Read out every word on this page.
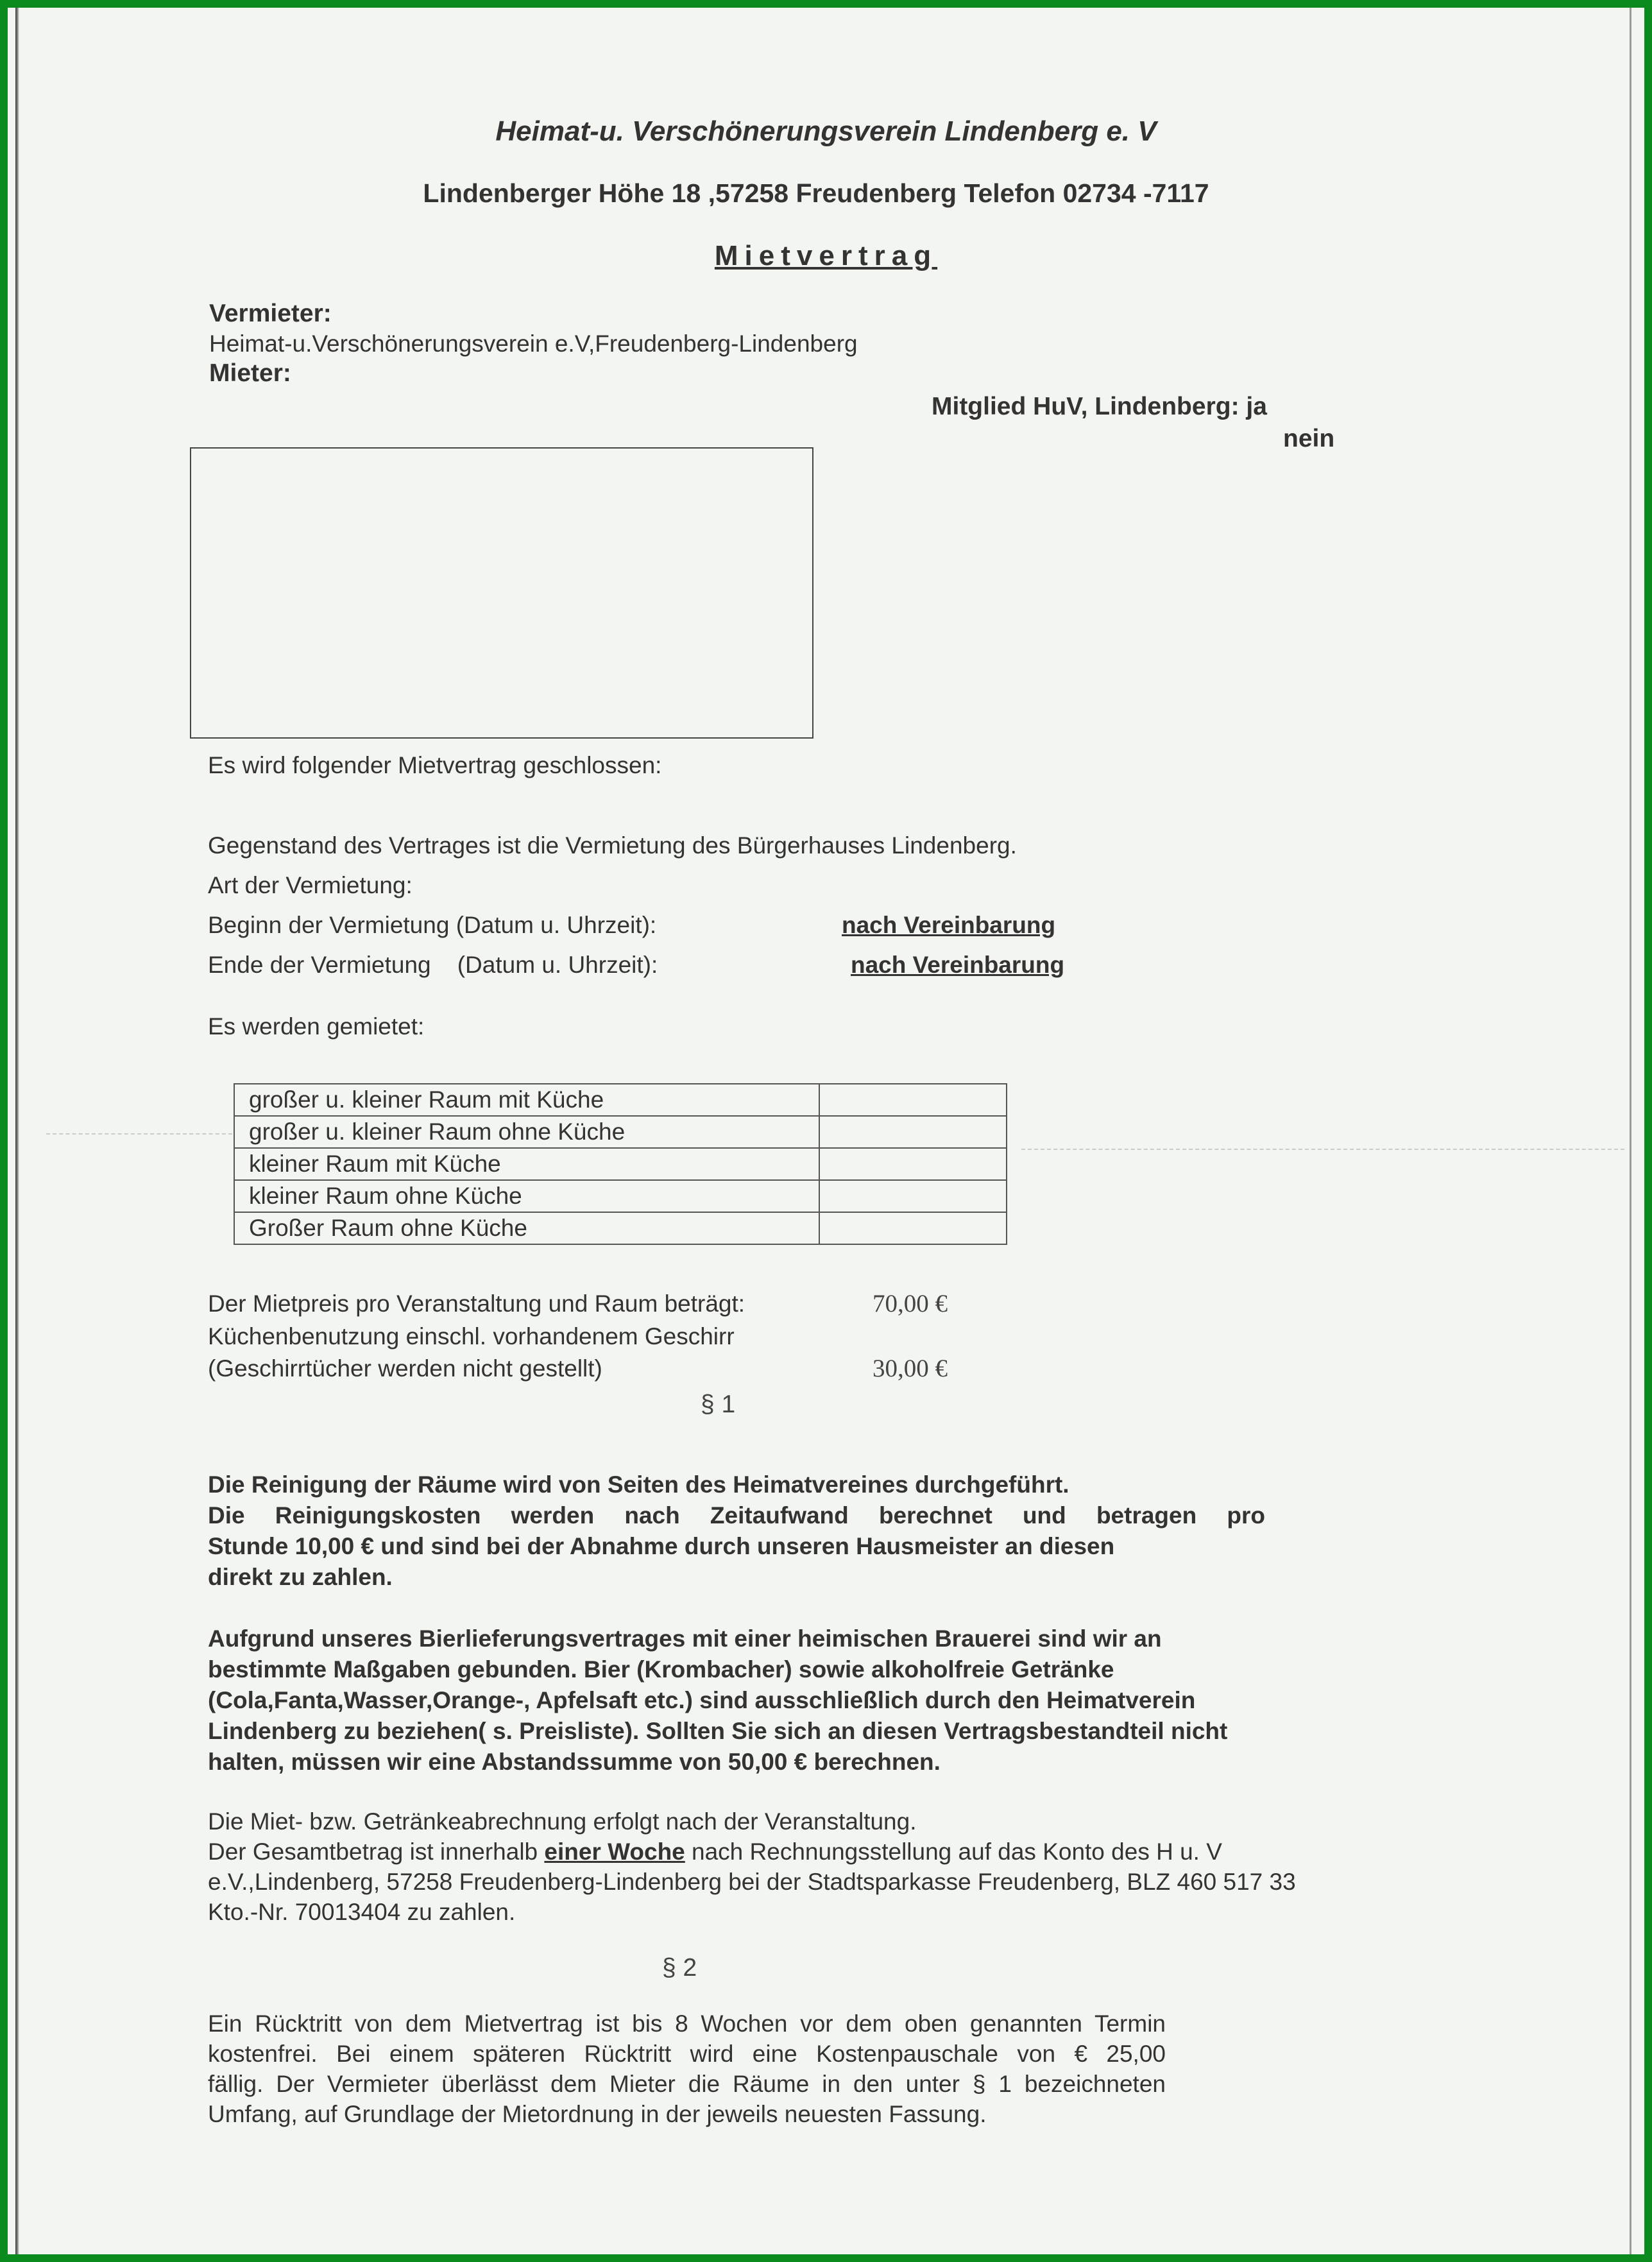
Heimat-u. Verschönerungsverein Lindenberg e. V
Lindenberger Höhe 18 ,57258 Freudenberg Telefon 02734 -7117
Mietvertrag
Vermieter:
Heimat-u.Verschönerungsverein e.V,Freudenberg-Lindenberg
Mieter:
Mitglied HuV, Lindenberg: ja
nein
Es wird folgender Mietvertrag geschlossen:
Gegenstand des Vertrages ist die Vermietung des Bürgerhauses Lindenberg.
Art der Vermietung:
Beginn der Vermietung (Datum u. Uhrzeit):	nach Vereinbarung
Ende der Vermietung    (Datum u. Uhrzeit):	nach Vereinbarung
Es werden gemietet:
großer u. kleiner Raum mit Küche	
großer u. kleiner Raum ohne Küche	
kleiner Raum mit Küche	
kleiner Raum ohne Küche	
Großer Raum ohne Küche	
Der Mietpreis pro Veranstaltung und Raum beträgt:	70,00 €
Küchenbenutzung einschl. vorhandenem Geschirr
(Geschirrtücher werden nicht gestellt)	30,00 €
§ 1
Die Reinigung der Räume wird von Seiten des Heimatvereines durchgeführt.
Die Reinigungskosten werden nach Zeitaufwand berechnet und betragen pro
Stunde 10,00 € und sind bei der Abnahme durch unseren Hausmeister an diesen
direkt zu zahlen.
Aufgrund unseres Bierlieferungsvertrages mit einer heimischen Brauerei sind wir an
bestimmte Maßgaben gebunden. Bier (Krombacher) sowie alkoholfreie Getränke
(Cola,Fanta,Wasser,Orange-, Apfelsaft etc.) sind ausschließlich durch den Heimatverein
Lindenberg zu beziehen( s. Preisliste). Sollten Sie sich an diesen Vertragsbestandteil nicht
halten, müssen wir eine Abstandssumme von 50,00 € berechnen.
Die Miet- bzw. Getränkeabrechnung erfolgt nach der Veranstaltung.
Der Gesamtbetrag ist innerhalb einer Woche nach Rechnungsstellung auf das Konto des H u. V
e.V.,Lindenberg, 57258 Freudenberg-Lindenberg bei der Stadtsparkasse Freudenberg, BLZ 460 517 33
Kto.-Nr. 70013404 zu zahlen.
§ 2
Ein Rücktritt von dem Mietvertrag ist bis 8 Wochen vor dem oben genannten Termin
kostenfrei. Bei einem späteren Rücktritt wird eine Kostenpauschale von € 25,00
fällig. Der Vermieter überlässt dem Mieter die Räume in den unter § 1 bezeichneten
Umfang, auf Grundlage der Mietordnung in der jeweils neuesten Fassung.
